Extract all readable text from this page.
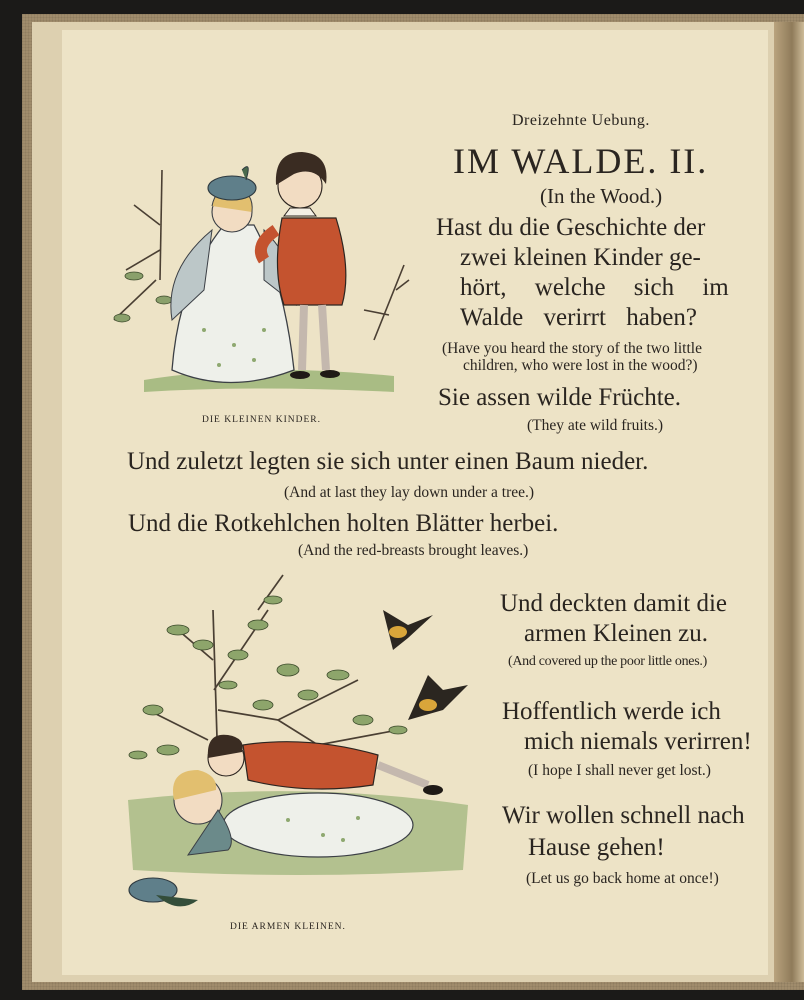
Dreizehnte Uebung.

IM WALDE. II.

(In the Wood.)

Hast du die Geschichte der

zwei kleinen Kinder ge-

hört, welche sich im

Walde verirrt haben?

(Have you heard the story of the two little

children, who were lost in the wood?)

Sie assen wilde Früchte.

(They ate wild fruits.)

Und zuletzt legten sie sich unter einen Baum nieder.

(And at last they lay down under a tree.)

Und die Rotkehlchen holten Blätter herbei.

(And the red-breasts brought leaves.)

Und deckten damit die

armen Kleinen zu.

(And covered up the poor little ones.)

Hoffentlich werde ich

mich niemals verirren!

(I hope I shall never get lost.)

Wir wollen schnell nach

Hause gehen!

(Let us go back home at once!)

DIE KLEINEN KINDER.

DIE ARMEN KLEINEN.
